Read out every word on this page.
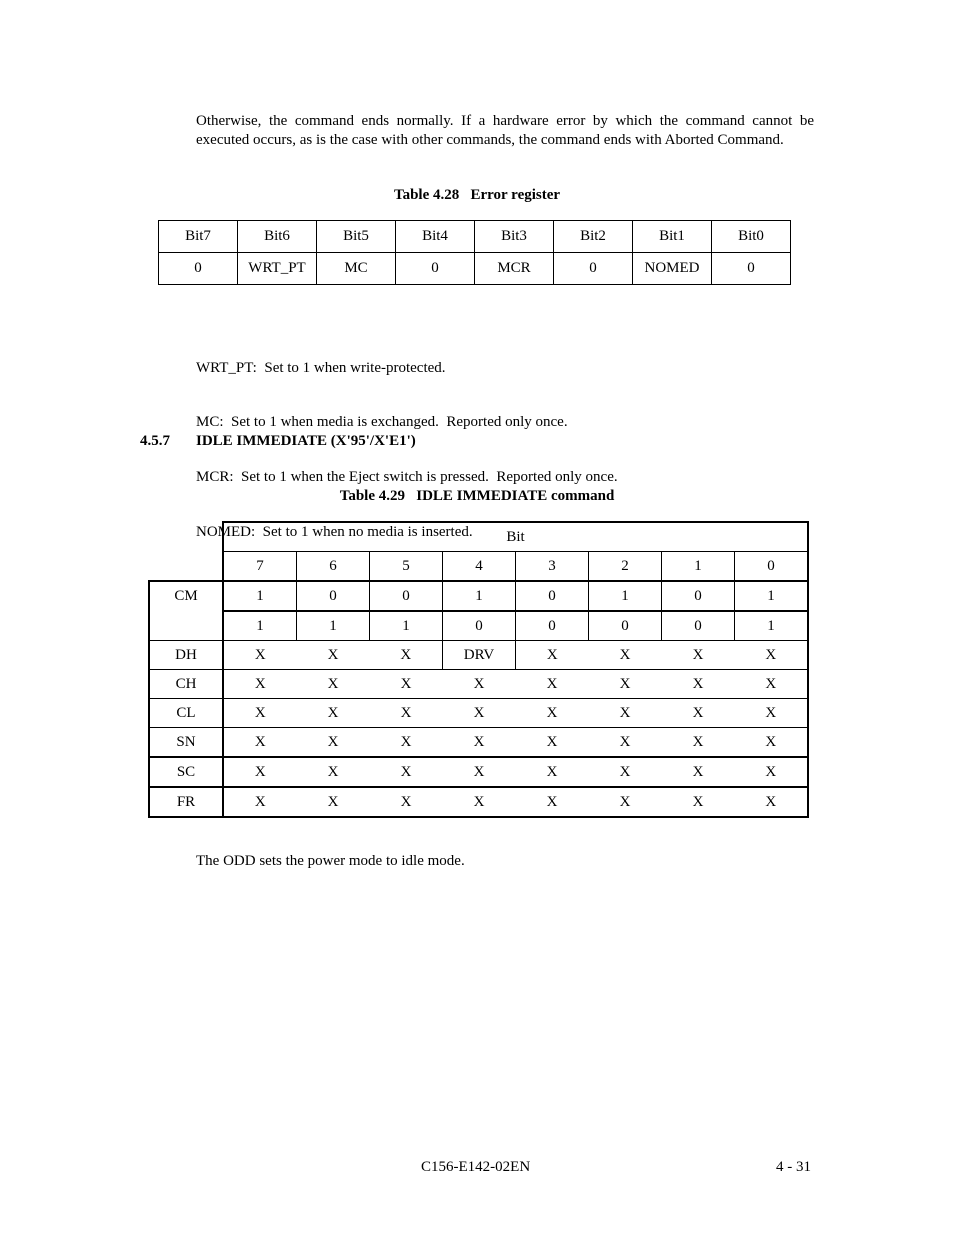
Otherwise, the command ends normally. If a hardware error by which the command cannot be
executed occurs, as is the case with other commands, the command ends with Aborted Command.
Table 4.28   Error register
Bit7	Bit6	Bit5	Bit4	Bit3	Bit2	Bit1	Bit0
0	WRT_PT	MC	0	MCR	0	NOMED	0

WRT_PT:  Set to 1 when write-protected.

MC:  Set to 1 when media is exchanged.  Reported only once.

MCR:  Set to 1 when the Eject switch is pressed.  Reported only once.

NOMED:  Set to 1 when no media is inserted.

4.5.7 IDLE IMMEDIATE (X'95'/X'E1')
Table 4.29   IDLE IMMEDIATE command
	Bit							
	7	6	5	4	3	2	1	0
CM	1	0	0	1	0	1	0	1
	1	1	1	0	0	0	0	1
DH	X	X	X	DRV	X	X	X	X
CH	X	X	X	X	X	X	X	X
CL	X	X	X	X	X	X	X	X
SN	X	X	X	X	X	X	X	X
SC	X	X	X	X	X	X	X	X
FR	X	X	X	X	X	X	X	X
The ODD sets the power mode to idle mode.
C156-E142-02EN	4 - 31
